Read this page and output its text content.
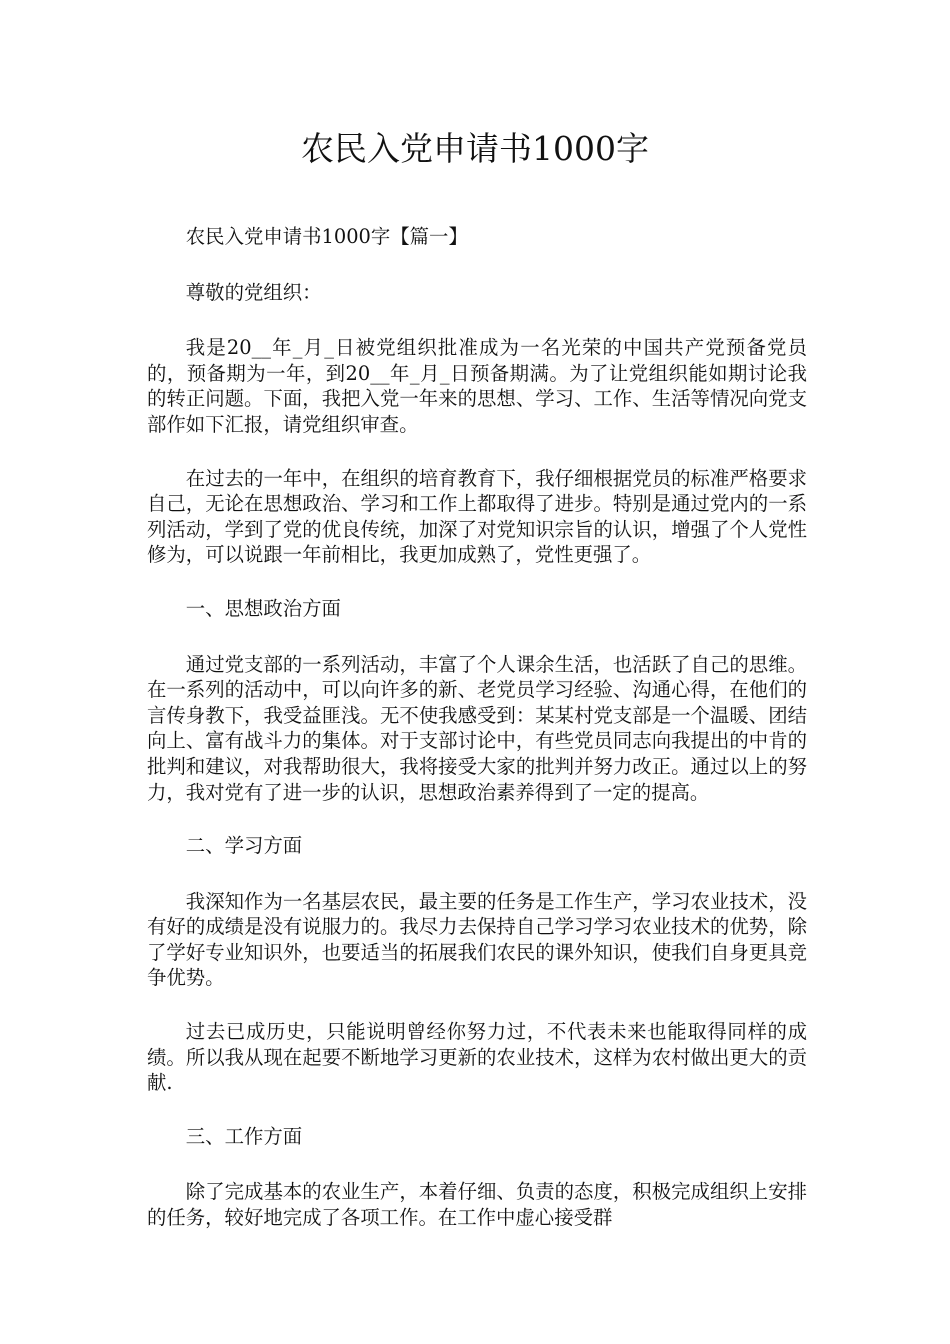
农民入党申请书1000字

农民入党申请书1000字【篇一】

尊敬的党组织：

我是20__年_月_日被党组织批准成为一名光荣的中国共产党预备党员的，预备期为一年，到20__年_月_日预备期满。为了让党组织能如期讨论我的转正问题。下面，我把入党一年来的思想、学习、工作、生活等情况向党支部作如下汇报，请党组织审查。

在过去的一年中，在组织的培育教育下，我仔细根据党员的标准严格要求自己，无论在思想政治、学习和工作上都取得了进步。特别是通过党内的一系列活动，学到了党的优良传统，加深了对党知识宗旨的认识，增强了个人党性修为，可以说跟一年前相比，我更加成熟了，党性更强了。

一、思想政治方面

通过党支部的一系列活动，丰富了个人课余生活，也活跃了自己的思维。在一系列的活动中，可以向许多的新、老党员学习经验、沟通心得，在他们的言传身教下，我受益匪浅。无不使我感受到：某某村党支部是一个温暖、团结向上、富有战斗力的集体。对于支部讨论中，有些党员同志向我提出的中肯的批判和建议，对我帮助很大，我将接受大家的批判并努力改正。通过以上的努力，我对党有了进一步的认识，思想政治素养得到了一定的提高。

二、学习方面

我深知作为一名基层农民，最主要的任务是工作生产，学习农业技术，没有好的成绩是没有说服力的。我尽力去保持自己学习学习农业技术的优势，除了学好专业知识外，也要适当的拓展我们农民的课外知识，使我们自身更具竞争优势。

过去已成历史，只能说明曾经你努力过，不代表未来也能取得同样的成绩。所以我从现在起要不断地学习更新的农业技术，这样为农村做出更大的贡献.

三、工作方面

除了完成基本的农业生产，本着仔细、负责的态度，积极完成组织上安排的任务，较好地完成了各项工作。在工作中虚心接受群
